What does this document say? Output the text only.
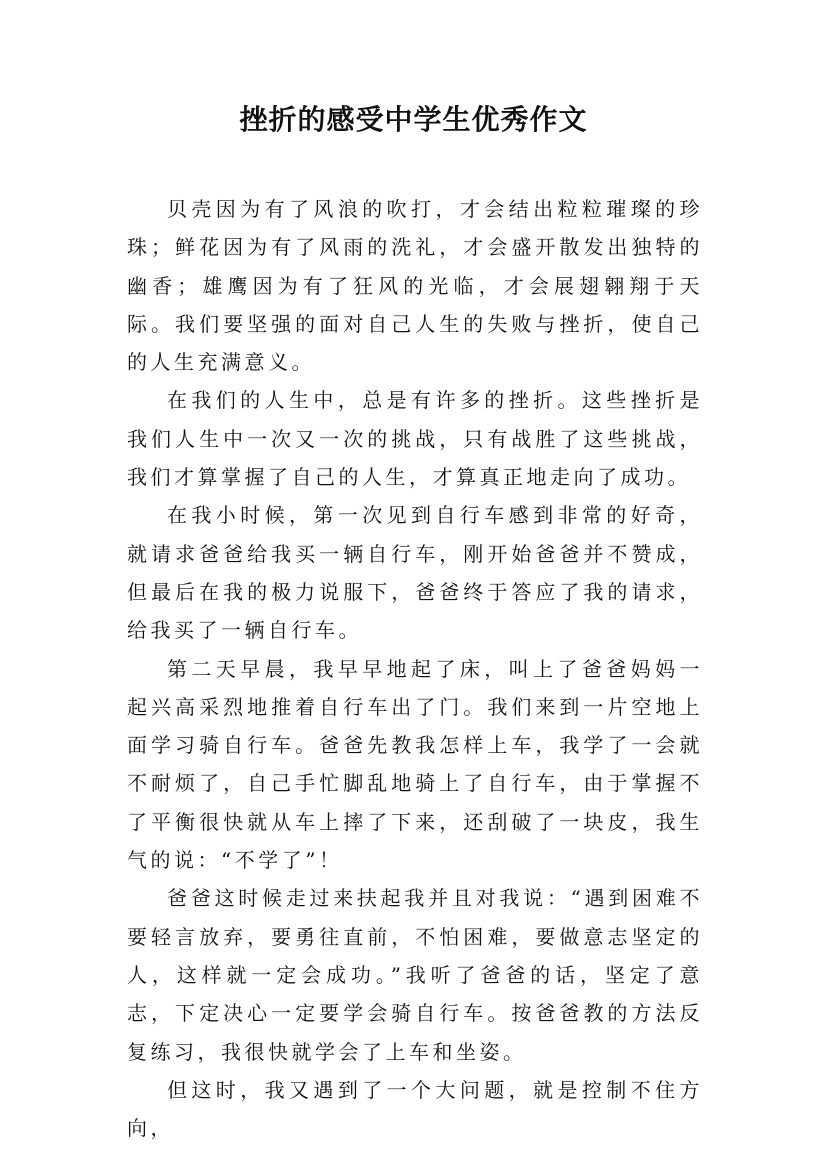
挫折的感受中学生优秀作文

贝壳因为有了风浪的吹打，才会结出粒粒璀璨的珍珠；鲜花因为有了风雨的洗礼，才会盛开散发出独特的幽香；雄鹰因为有了狂风的光临，才会展翅翱翔于天际。我们要坚强的面对自己人生的失败与挫折，使自己的人生充满意义。

在我们的人生中，总是有许多的挫折。这些挫折是我们人生中一次又一次的挑战，只有战胜了这些挑战，我们才算掌握了自己的人生，才算真正地走向了成功。

在我小时候，第一次见到自行车感到非常的好奇，就请求爸爸给我买一辆自行车，刚开始爸爸并不赞成，但最后在我的极力说服下，爸爸终于答应了我的请求，给我买了一辆自行车。

第二天早晨，我早早地起了床，叫上了爸爸妈妈一起兴高采烈地推着自行车出了门。我们来到一片空地上面学习骑自行车。爸爸先教我怎样上车，我学了一会就不耐烦了，自己手忙脚乱地骑上了自行车，由于掌握不了平衡很快就从车上摔了下来，还刮破了一块皮，我生气的说：“不学了”！

爸爸这时候走过来扶起我并且对我说：“遇到困难不要轻言放弃，要勇往直前，不怕困难，要做意志坚定的人，这样就一定会成功。”我听了爸爸的话，坚定了意志，下定决心一定要学会骑自行车。按爸爸教的方法反复练习，我很快就学会了上车和坐姿。

但这时，我又遇到了一个大问题，就是控制不住方向，
